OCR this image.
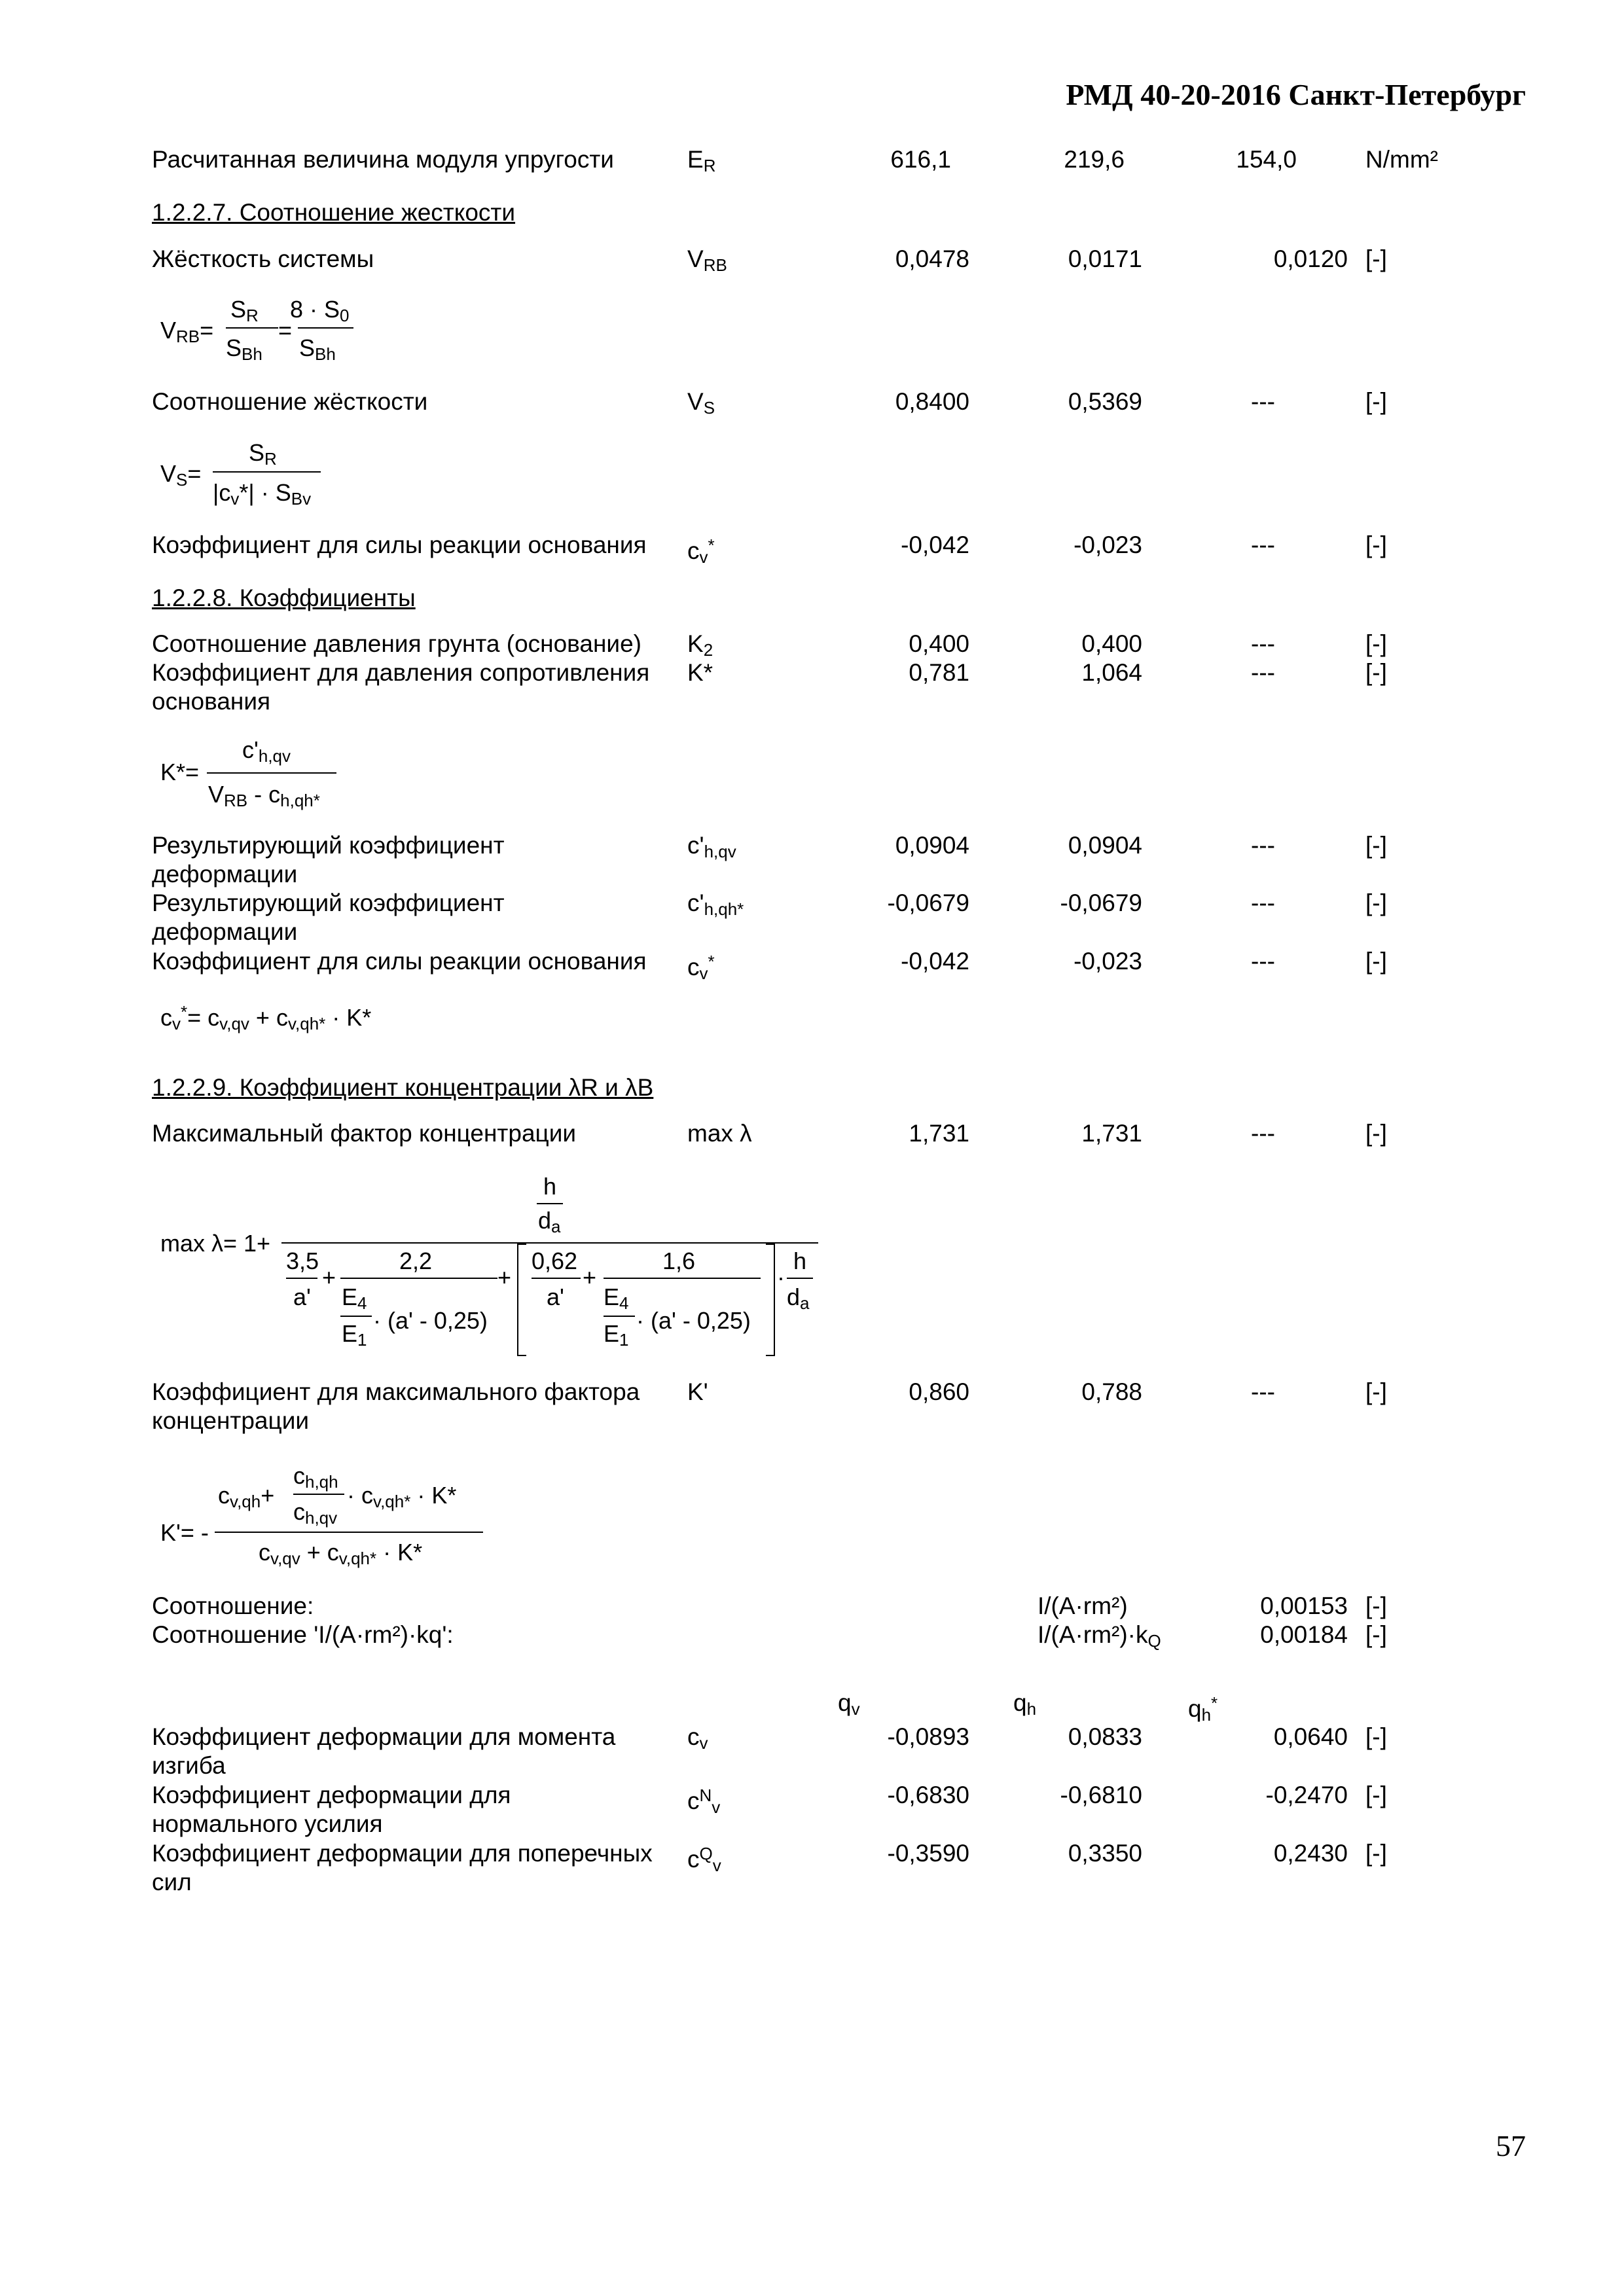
РМД 40-20-2016 Санкт-Петербург
Расчитанная величина модуля упругости	ER	616,1	219,6	154,0	N/mm²
1.2.2.7. Соотношение жесткости
Жёсткость системы	VRB	0,0478	0,0171	0,0120 [-]
VRB=
SR
SBh
=
8 · S0
SBh
Соотношение жёсткости	VS	0,8400	0,5369	---	[-]
VS=
SR
|cv*| · SBv
Коэффициент для силы реакции основания cv*	-0,042	-0,023	---	[-]
1.2.2.8. Коэффициенты
Соотношение давления грунта (основание) K2	0,400	0,400	---	[-]
Коэффициент для давления сопротивления
основания
K*	0,781	1,064	---	[-]
K*=
c'h,qv
VRB - ch,qh*
Результирующий коэффициент
деформации
c'h,qv	0,0904	0,0904	---	[-]
Результирующий коэффициент
деформации
c'h,qh*	-0,0679	-0,0679	---	[-]
Коэффициент для силы реакции основания cv*	-0,042	-0,023	---	[-]
cv*= cv,qv + cv,qh* · K*
1.2.2.9. Коэффициент концентрации λR и λB
Максимальный фактор концентрации	max λ	1,731	1,731	---	[-]
max λ= 1+
h
da
3,5
a'
+
2,2
E4
E1
· (a' - 0,25)
+
0,62
a'
+
1,6
E4
E1
· (a' - 0,25)
·
h
da
Коэффициент для максимального фактора
концентрации
K'	0,860	0,788	---	[-]
K'= -
cv,qh+
ch,qh
ch,qv
· cv,qh* · K*
cv,qv + cv,qh* · K*
Соотношение:	I/(A·rm²)	0,00153 [-]
Соотношение 'I/(A·rm²)·kq':	I/(A·rm²)·kQ	0,00184 [-]
qv	qh	qh*
Коэффициент деформации для момента
изгиба
cv	-0,0893	0,0833	0,0640 [-]
Коэффициент деформации для
нормального усилия
$c^Nv$	-0,6830	-0,6810	-0,2470 [-]
Коэффициент деформации для поперечных
сил
$c^Qv$	-0,3590	0,3350	0,2430 [-]
57
